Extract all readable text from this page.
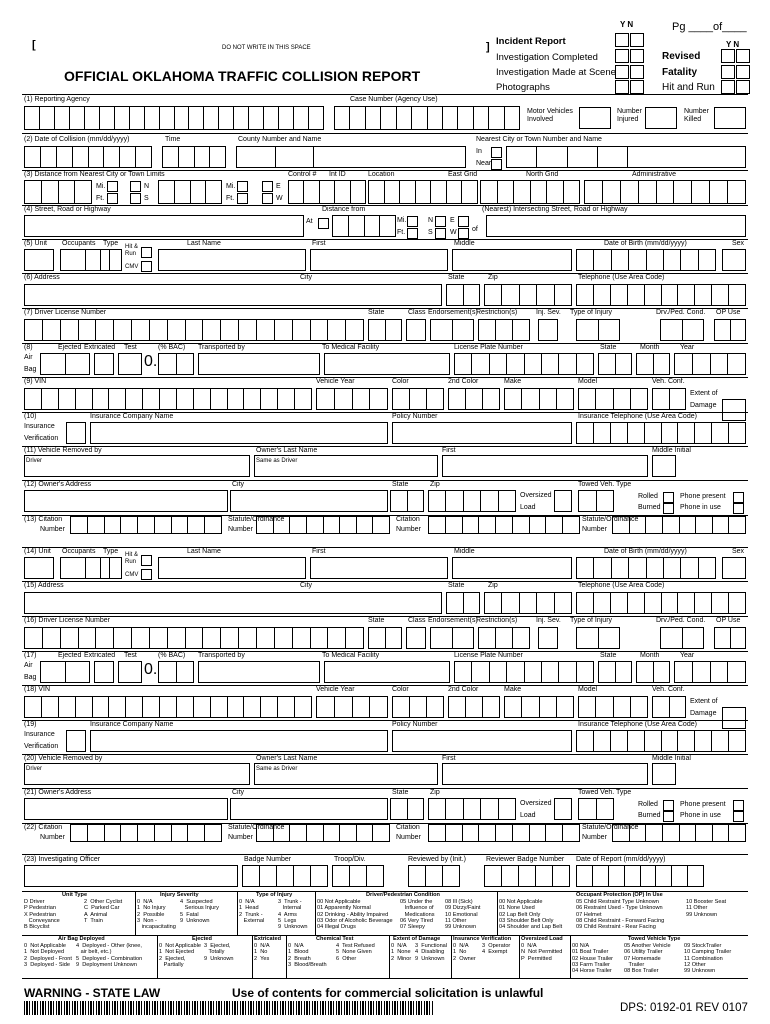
Y N	Pg ____of____
[	DO NOT WRITE IN THIS SPACE	]
OFFICIAL OKLAHOMA TRAFFIC COLLISION REPORT
Incident Report
Investigation Completed
Investigation Made at Scene
Photographs
Y N
Revised
Fatality
Hit and Run
(1) Reporting Agency	Case Number (Agency Use)
Motor Vehicles
Involved
Number
Injured
Number
Killed
(2) Date of Collision (mm/dd/yyyy)	Time	County Number and Name	Nearest City or Town Number and Name
In
Near
(3) Distance from Nearest City or Town Limits	Control # Int ID	Location	East Grid	North Grid	Administrative
Mi.
Ft.
N
S
Mi.
Ft.
E
W
(4) Street, Road or Highway	Distance from	(Nearest) Intersecting Street, Road or Highway
At	Mi.
Ft.
N
S
E
W of
(5) Unit Occupants Type Hit &
Run
CMV
Last Name	First	Middle	Date of Birth (mm/dd/yyyy)	Sex
(6) Address	City	State	Zip	Telephone (Use Area Code)
(7) Driver License Number	State	Class Endorsement(s)
Restriction(s)	Inj. Sev. Type of Injury	Drv./Ped. Cond. OP Use
(8)	Ejected Extricated Test	(% BAC) Transported by	To Medical Facility	License Plate Number	State	Month	Year
Air
Bag	0.
(9) VIN	Vehicle Year	Color	2nd Color	Make	Model	Veh. Conf.
Extent of
Damage
(10)
Insurance
Verification
Insurance Company Name	Policy Number	Insurance Telephone (Use Area Code)
(11) Vehicle Removed by	Owner's Last Name	First	Middle Initial
Driver	Same as Driver
(12) Owner's Address	City	State	Zip	Towed Veh. Type
Oversized
Load
Rolled
Burned
Phone present
Phone in use
(13) Citation
Number
Statute/Ordinance
Number
Citation
Number
Statute/Ordinance
Number
(14) Unit Occupants Type Hit &
Run
CMV
Last Name	First	Middle	Date of Birth (mm/dd/yyyy)	Sex
(15) Address	City	State	Zip	Telephone (Use Area Code)
(16) Driver License Number	State	Class Endorsement(s)
Restriction(s)	Inj. Sev. Type of Injury	Drv./Ped. Cond. OP Use
(17)	Ejected Extricated Test	(% BAC) Transported by	To Medical Facility	License Plate Number	State	Month	Year
Air
Bag	0.
(18) VIN	Vehicle Year	Color	2nd Color	Make	Model	Veh. Conf.
Extent of
Damage
(19)
Insurance
Verification
Insurance Company Name	Policy Number	Insurance Telephone (Use Area Code)
(20) Vehicle Removed by	Owner's Last Name	First	Middle Initial
Driver	Same as Driver
(21) Owner's Address	City	State	Zip	Towed Veh. Type
Oversized
Load
Rolled
Burned
Phone present
Phone in use
(22) Citation
Number
Statute/Ordinance
Number
Citation
Number
Statute/Ordinance
Number
(23) Investigating Officer	Badge Number	Troop/Div.	Reviewed by (Init.)	Reviewer Badge Number Date of Report (mm/dd/yyyy)
Unit Type
D Driver
P Pedestrian
X Pedestrian
Conveyance
B Bicyclist
2  Other Cyclist
C  Parked Car
A  Animal
T  Train
Injury Severity
0  N/A
1  No Injury
2  Possible
3  Non -
incapacitating
4  Suspected
Serious Injury
5  Fatal
9  Unknown
Type of Injury
0  N/A
1  Head
2  Trunk -
External
3  Trunk -
Internal
4  Arms
5  Legs
9  Unknown
Driver/Pedestrian Condition
00 Not Applicable
01 Apparently Normal
02 Drinking - Ability Impaired
03 Odor of Alcoholic Beverage
04 Illegal Drugs
05 Under the
Influence of
Medications
06 Very Tired
07 Sleepy
08 Ill (Sick)
09 Dizzy/Faint
10 Emotional
11 Other
99 Unknown
00 Not Applicable
01 None Used
02 Lap Belt Only
03 Shoulder Belt Only
04 Shoulder and Lap Belt
Occupant Protection (OP) In Use
05 Child Restraint Type Unknown
06 Restraint Used - Type Unknown
07 Helmet
08 Child Restraint - Forward Facing
09 Child Restraint - Rear Facing
10 Booster Seat
11 Other
99 Unknown
Air Bag Deployed
0  Not Applicable
1  Not Deployed
2  Deployed - Front
3  Deployed - Side
4  Deployed - Other (knee,
air belt, etc.)
5  Deployed - Combination
9  Deployment Unknown
Ejected
0  Not Applicable
1  Not Ejected
2  Ejected,
Partially
3  Ejected,
Totally
9  Unknown
Extricated
0  N/A
1  No
2  Yes
Chemical Test
0  N/A
1  Blood
2  Breath
3  Blood/Breath
4  Test Refused
5  None Given
6  Other
Extent of Damage
0  N/A
1  None
2  Minor
3  Functional
4  Disabling
9  Unknown
Insurance Verification
0  N/A
1  No
2  Owner
3  Operator
4  Exempt
Oversized Load
0  N/A
N  Not Permitted
P  Permitted
Towed Vehicle Type
00 N/A
01 Boat Trailer
02 House Trailer
03 Farm Trailer
04 Horse Trailer
05 Another Vehicle
06 Utility Trailer
07 Homemade
Trailer
08 Box Trailer
09 StockTrailer
10 Camping Trailer
11 Combination
12 Other
99 Unknown
WARNING - STATE LAW	Use of contents for commercial solicitation is unlawful
DPS: 0192-01 REV 0107
